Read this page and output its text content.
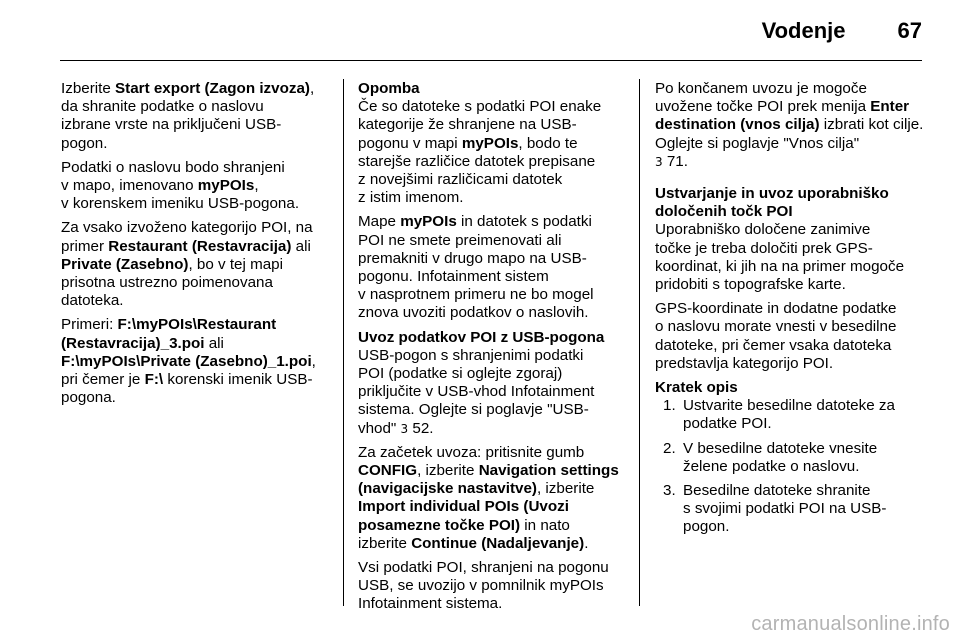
Vodenje 67

Izberite Start export (Zagon izvoza),
da shranite podatke o naslovu
izbrane vrste na priključeni USB-
pogon.

Podatki o naslovu bodo shranjeni
v mapo, imenovano myPOIs,
v korenskem imeniku USB-pogona.

Za vsako izvoženo kategorijo POI, na
primer Restaurant (Restavracija) ali
Private (Zasebno), bo v tej mapi
prisotna ustrezno poimenovana
datoteka.

Primeri: F:\myPOIs\Restaurant
(Restavracija)_3.poi ali
F:\myPOIs\Private (Zasebno)_1.poi,
pri čemer je F:\ korenski imenik USB-
pogona.

Opomba
Če so datoteke s podatki POI enake
kategorije že shranjene na USB-
pogonu v mapi myPOIs, bodo te
starejše različice datotek prepisane
z novejšimi različicami datotek
z istim imenom.

Mape myPOIs in datotek s podatki
POI ne smete preimenovati ali
premakniti v drugo mapo na USB-
pogonu. Infotainment sistem
v nasprotnem primeru ne bo mogel
znova uvoziti podatkov o naslovih.

Uvoz podatkov POI z USB-pogona
USB-pogon s shranjenimi podatki
POI (podatke si oglejte zgoraj)
priključite v USB-vhod Infotainment
sistema. Oglejte si poglavje "USB-
vhod" 3 52.

Za začetek uvoza: pritisnite gumb
CONFIG, izberite Navigation settings
(navigacijske nastavitve), izberite
Import individual POIs (Uvozi
posamezne točke POI) in nato
izberite Continue (Nadaljevanje).

Vsi podatki POI, shranjeni na pogonu
USB, se uvozijo v pomnilnik myPOIs
Infotainment sistema.

Po končanem uvozu je mogoče
uvožene točke POI prek menija Enter
destination (vnos cilja) izbrati kot cilje.
Oglejte si poglavje "Vnos cilja"
3 71.

Ustvarjanje in uvoz uporabniško
določenih točk POI
Uporabniško določene zanimive
točke je treba določiti prek GPS-
koordinat, ki jih na na primer mogoče
pridobiti s topografske karte.

GPS-koordinate in dodatne podatke
o naslovu morate vnesti v besedilne
datoteke, pri čemer vsaka datoteka
predstavlja kategorijo POI.

Kratek opis
1. Ustvarite besedilne datoteke za
podatke POI.
2. V besedilne datoteke vnesite
želene podatke o naslovu.
3. Besedilne datoteke shranite
s svojimi podatki POI na USB-
pogon.
carmanualsonline.info
